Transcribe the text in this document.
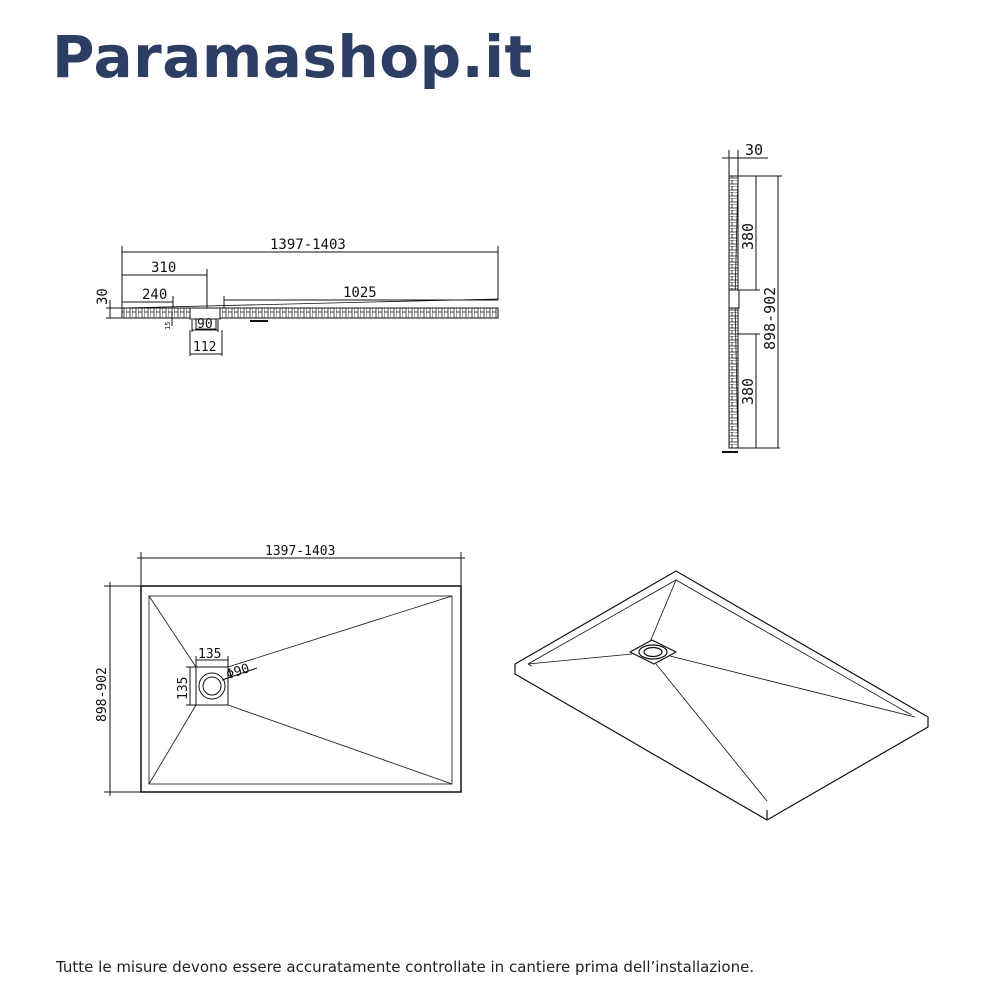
Paramashop.it
1397-1403
310
240	1025
30
90
112
15
30
380
380
898-902
1397-1403
898-902
135
135
Φ90
Tutte le misure devono essere accuratamente controllate in cantiere prima dell’installazione.
